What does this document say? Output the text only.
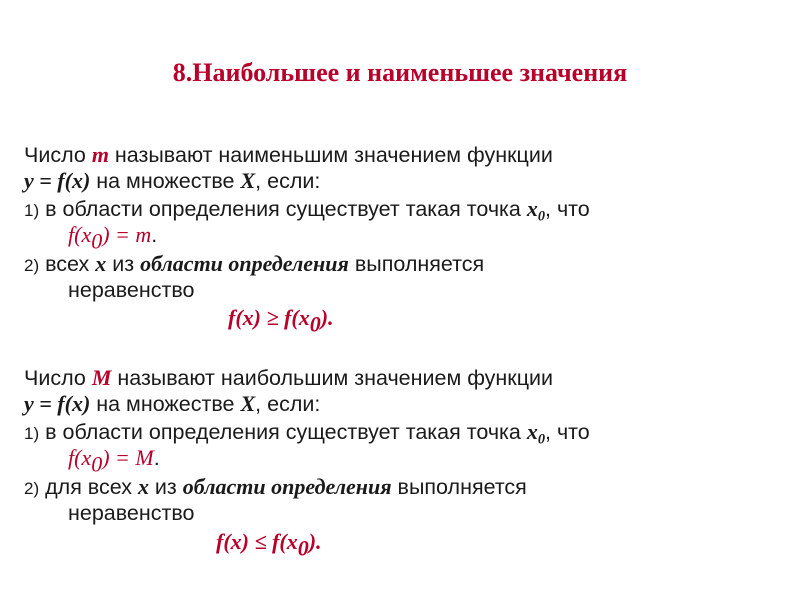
8.Наибольшее и наименьшее значения
Число m называют наименьшим значением функции
y = f(x) на множестве X, если:
1) в области определения существует такая точка $x_0$, что
$f(x_0) = m$.
2) всех x из области определения выполняется
неравенство
$f(x) \ge f(x_0)$.
Число M называют наибольшим значением функции
y = f(x) на множестве X, если:
1) в области определения существует такая точка $x_0$, что
$f(x_0) = M$.
2) для всех x из области определения выполняется
неравенство
$f(x) \le f(x_0)$.
